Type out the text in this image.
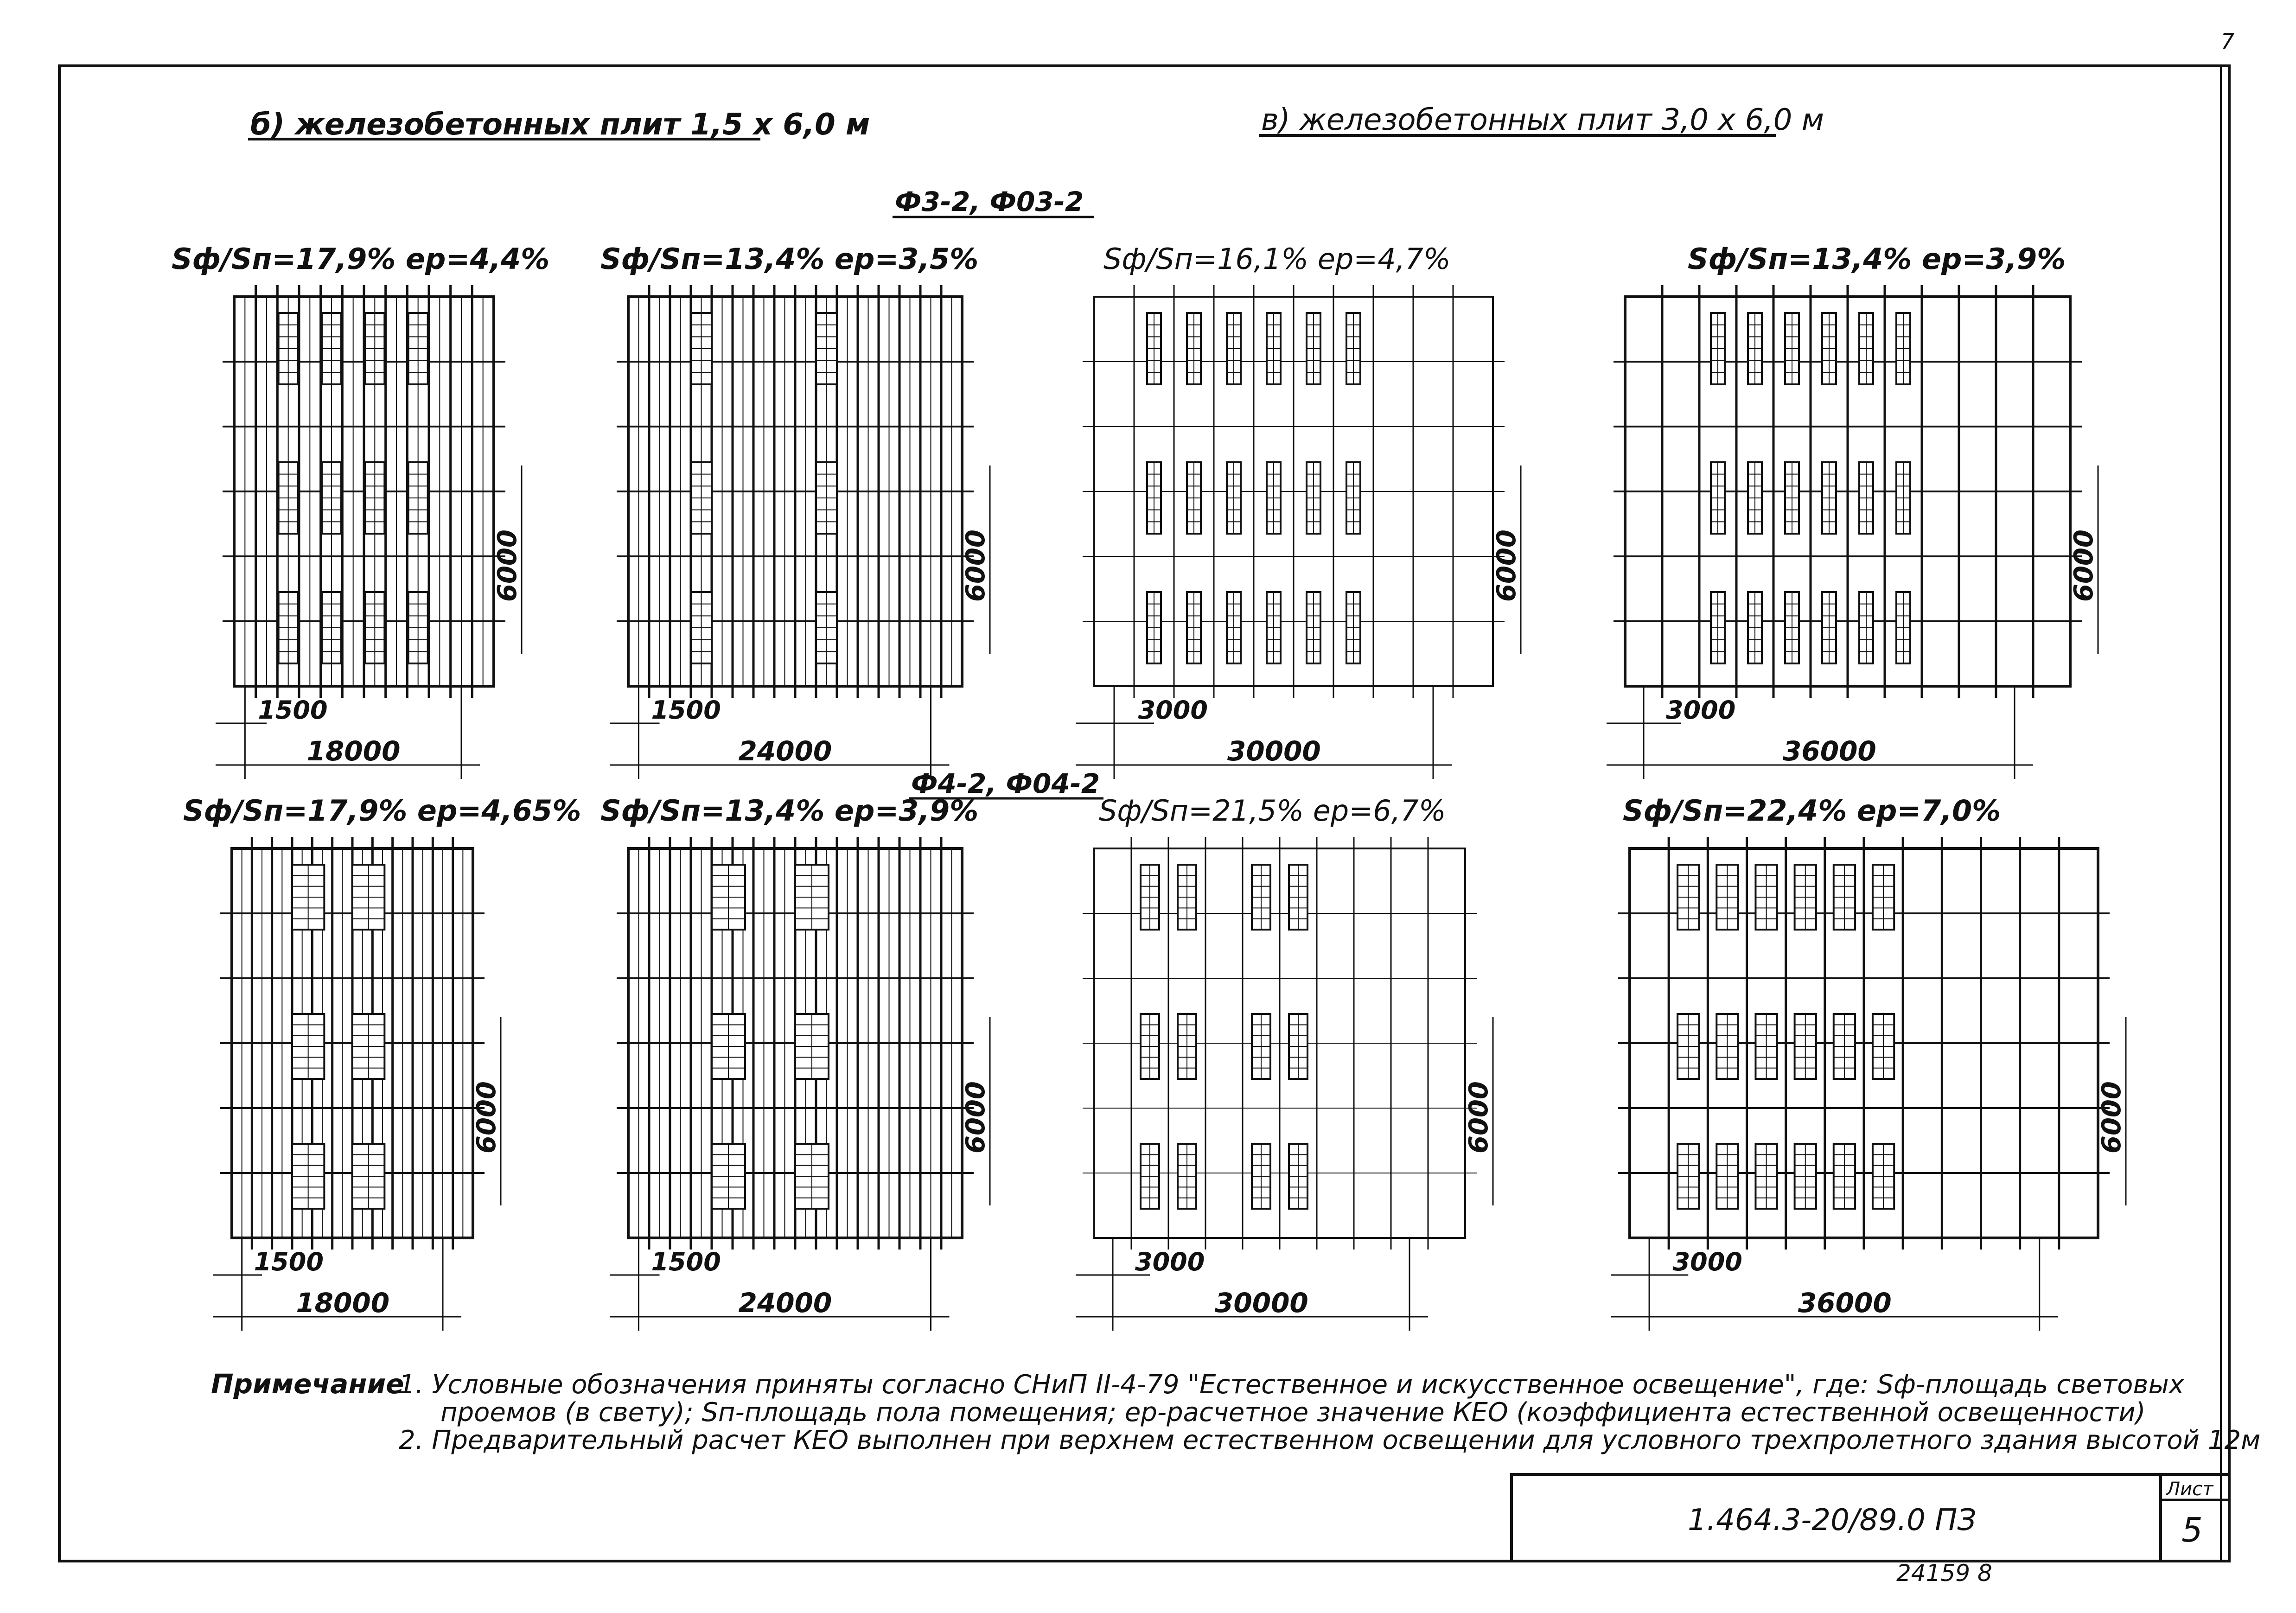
7
б) железобетонных плит 1,5 х 6,0 м	в) железобетонных плит 3,0 х 6,0 м
Ф3-2, Ф03-2
Ф4-2, Ф04-2
Sф/Sп=17,9% ep=4,4%
1500
18000
6000
Sф/Sп=13,4% ep=3,5%
1500
24000
6000
Sф/Sп=16,1% ep=4,7%
3000
30000
6000
Sф/Sп=13,4% ep=3,9%
3000
36000
6000
Sф/Sп=17,9% ep=4,65%
1500
18000
6000
Sф/Sп=13,4% ep=3,9%
1500
24000
6000
Sф/Sп=21,5% ep=6,7%
3000
30000
6000
Sф/Sп=22,4% ep=7,0%
3000
36000
6000
Примечание
1. Условные обозначения приняты согласно СНиП II-4-79 "Естественное и искусственное освещение", где: Sф-площадь световых
проемов (в свету); Sп-площадь пола помещения; ep-расчетное значение КЕО (коэффициента естественной освещенности)
2. Предварительный расчет КЕО выполнен при верхнем естественном освещении для условного трехпролетного здания высотой 12м
1.464.3-20/89.0 ПЗ
Лист
5
24159 8
